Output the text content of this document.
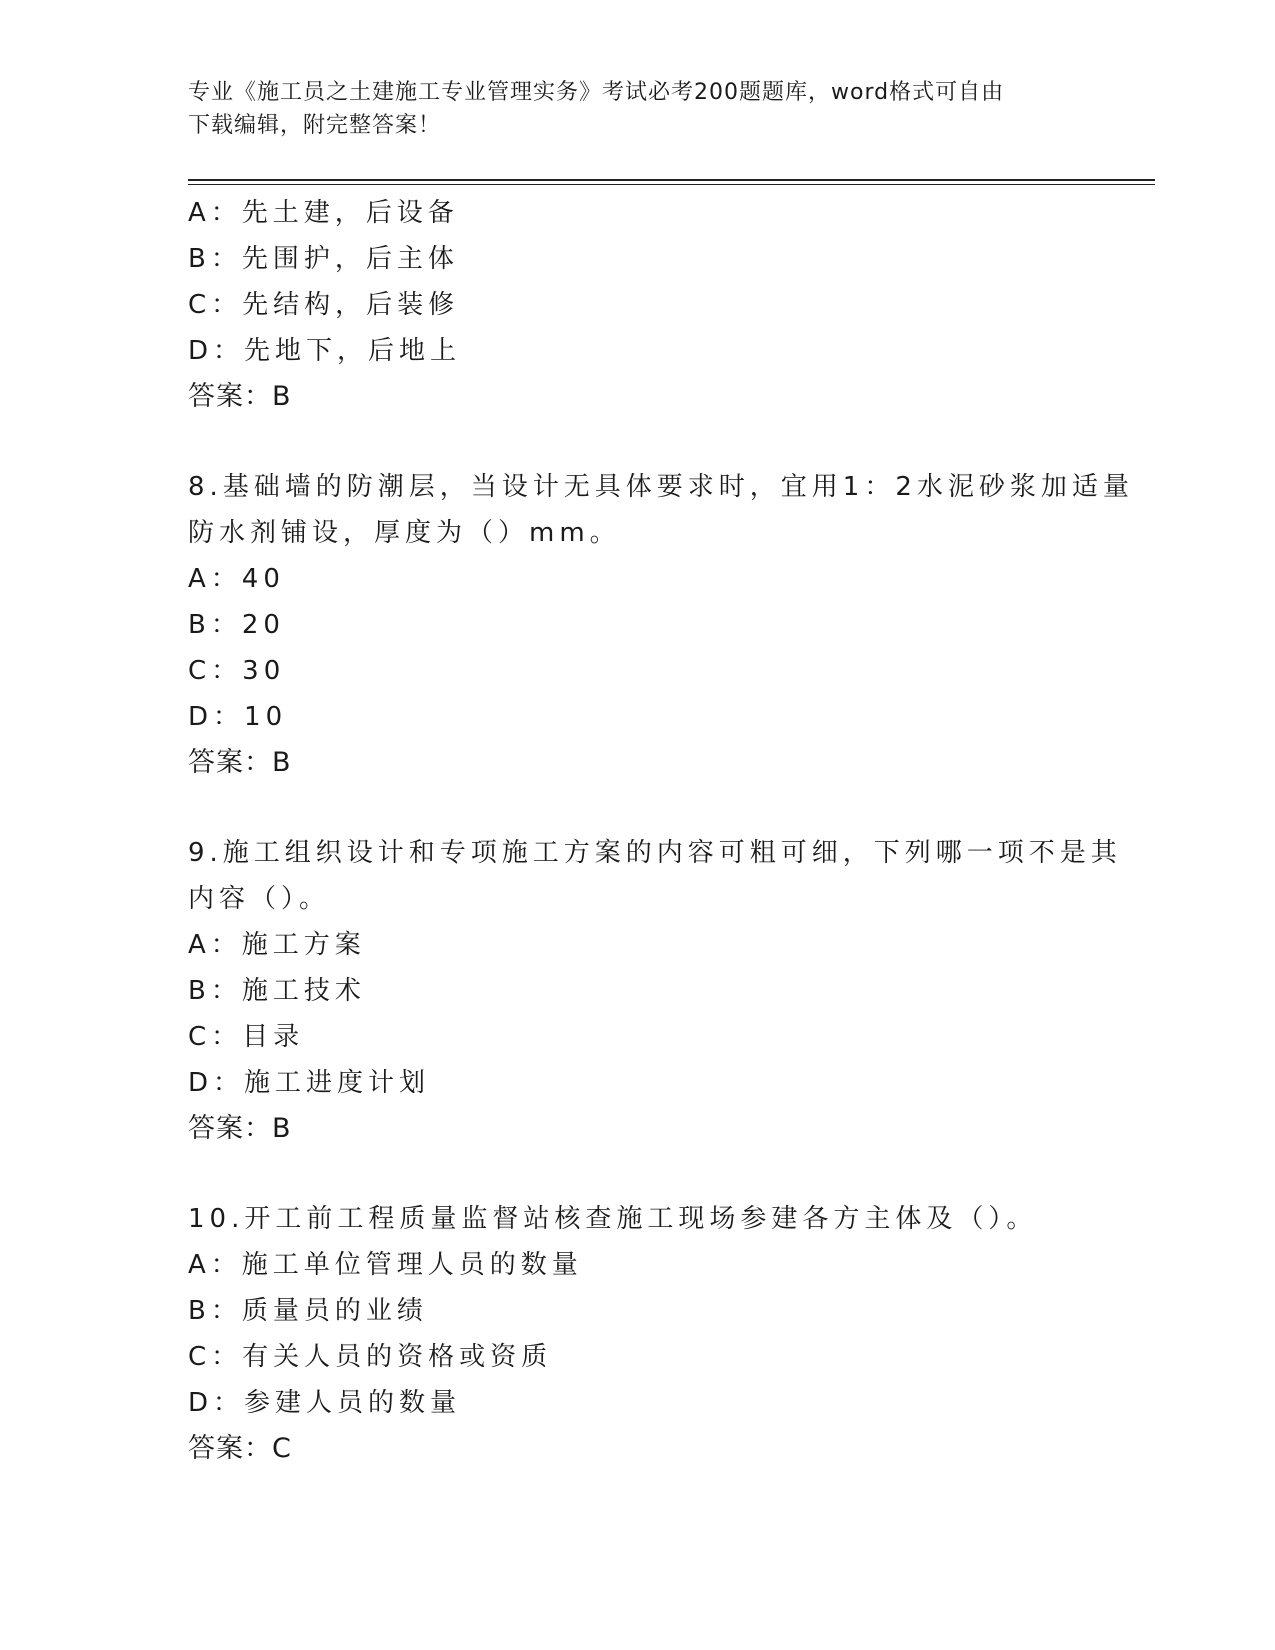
专业《施工员之土建施工专业管理实务》考试必考200题题库，word格式可自由
下载编辑，附完整答案！
A：先土建，后设备
B：先围护，后主体
C：先结构，后装修
D：先地下，后地上
答案：B
8.基础墙的防潮层，当设计无具体要求时，宜用1：2水泥砂浆加适量
防水剂铺设，厚度为（）mm。
A：40
B：20
C：30
D：10
答案：B
9.施工组织设计和专项施工方案的内容可粗可细，下列哪一项不是其
内容（）。
A：施工方案
B：施工技术
C：目录
D：施工进度计划
答案：B
10.开工前工程质量监督站核查施工现场参建各方主体及（）。
A：施工单位管理人员的数量
B：质量员的业绩
C：有关人员的资格或资质
D：参建人员的数量
答案：C
